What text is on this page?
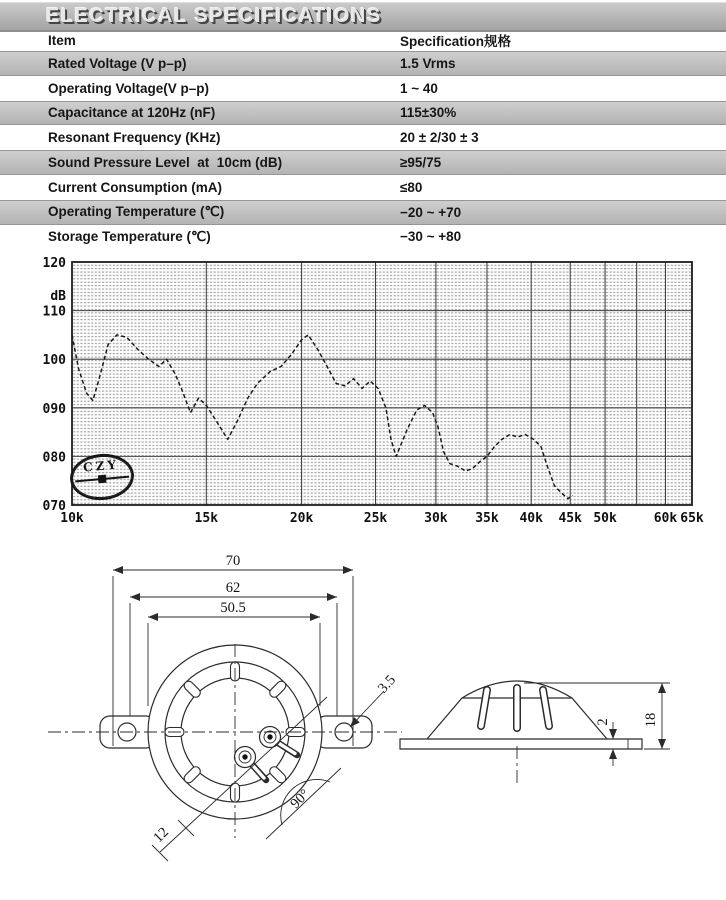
ELECTRICAL SPECIFICATIONS
Item	Specification规格
Rated Voltage (V p–p)	1.5 Vrms
Operating Voltage(V p–p)	1 ~ 40
Capacitance at 120Hz (nF)	115±30%
Resonant Frequency (KHz)	20 ± 2/30 ± 3
Sound Pressure Level  at  10cm (dB)	≥95/75
Current Consumption (mA)	≤80
Operating Temperature (℃)	−20 ~ +70
Storage Temperature (℃)	−30 ~ +80
120
110
100
090
080
070
dB
10k	15k	20k	25k	30k 35k 40k 45k 50k	60k 65k
CZY
90°
12
3.5
70
62
50.5
18
2
